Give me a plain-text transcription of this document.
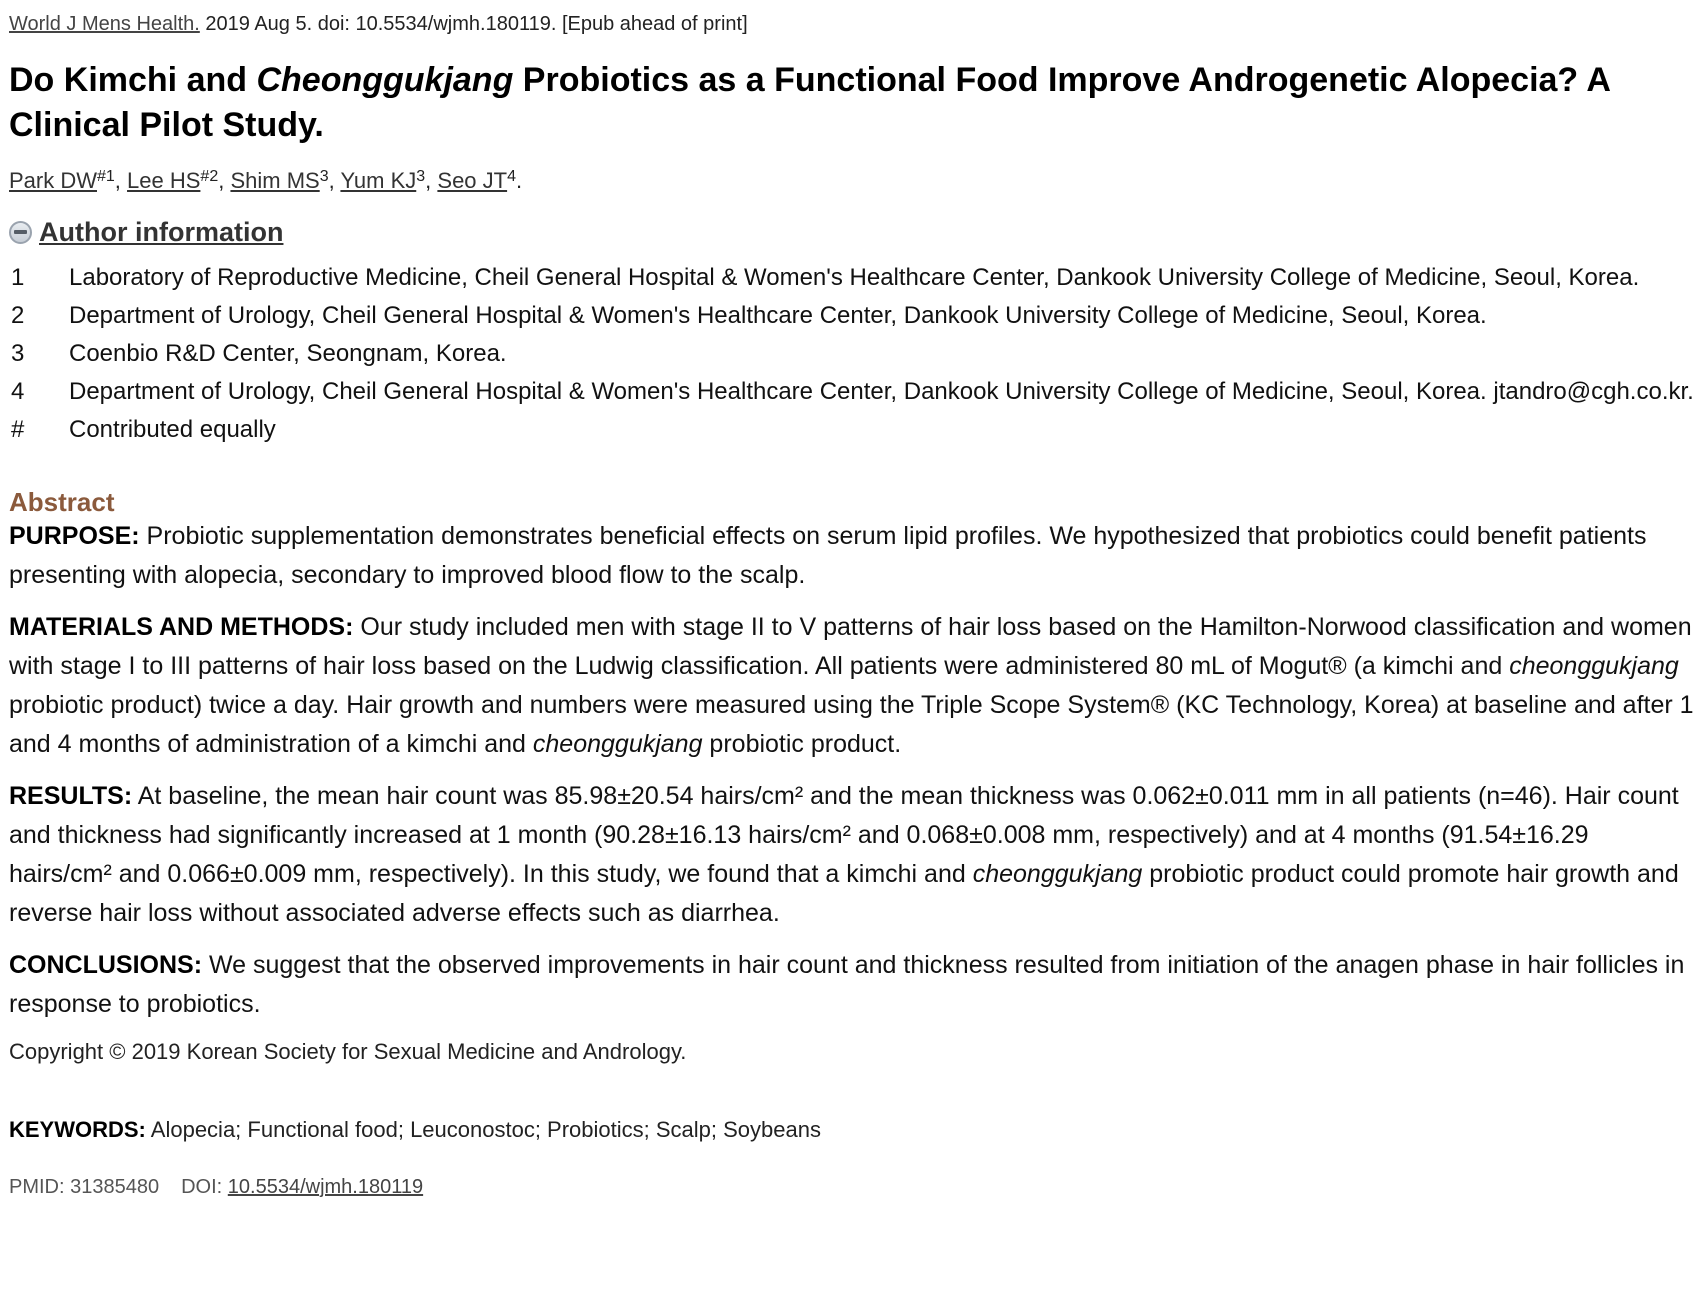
World J Mens Health. 2019 Aug 5. doi: 10.5534/wjmh.180119. [Epub ahead of print]
Do Kimchi and Cheonggukjang Probiotics as a Functional Food Improve Androgenetic Alopecia? A Clinical Pilot Study.
Park DW$^{\#1}$, Lee HS$^{\#2}$, Shim $MS^3$, Yum $KJ^3$, Seo $JT^4$.
Author information
1	Laboratory of Reproductive Medicine, Cheil General Hospital & Women's Healthcare Center, Dankook University College of Medicine, Seoul, Korea.
2	Department of Urology, Cheil General Hospital & Women's Healthcare Center, Dankook University College of Medicine, Seoul, Korea.
3	Coenbio R&D Center, Seongnam, Korea.
4	Department of Urology, Cheil General Hospital & Women's Healthcare Center, Dankook University College of Medicine, Seoul, Korea. jtandro@cgh.co.kr.
#	Contributed equally
Abstract

PURPOSE: Probiotic supplementation demonstrates beneficial effects on serum lipid profiles. We hypothesized that probiotics could benefit patients presenting with alopecia, secondary to improved blood flow to the scalp.

MATERIALS AND METHODS: Our study included men with stage II to V patterns of hair loss based on the Hamilton-Norwood classification and women with stage I to III patterns of hair loss based on the Ludwig classification. All patients were administered 80 mL of Mogut® (a kimchi and cheonggukjang probiotic product) twice a day. Hair growth and numbers were measured using the Triple Scope System® (KC Technology, Korea) at baseline and after 1 and 4 months of administration of a kimchi and cheonggukjang probiotic product.

RESULTS: At baseline, the mean hair count was 85.98±20.54 hairs/cm² and the mean thickness was 0.062±0.011 mm in all patients (n=46). Hair count and thickness had significantly increased at 1 month (90.28±16.13 hairs/cm² and 0.068±0.008 mm, respectively) and at 4 months (91.54±16.29 hairs/cm² and 0.066±0.009 mm, respectively). In this study, we found that a kimchi and cheonggukjang probiotic product could promote hair growth and reverse hair loss without associated adverse effects such as diarrhea.

CONCLUSIONS: We suggest that the observed improvements in hair count and thickness resulted from initiation of the anagen phase in hair follicles in response to probiotics.

Copyright © 2019 Korean Society for Sexual Medicine and Andrology.

KEYWORDS: Alopecia; Functional food; Leuconostoc; Probiotics; Scalp; Soybeans

PMID: 31385480 DOI: 10.5534/wjmh.180119
